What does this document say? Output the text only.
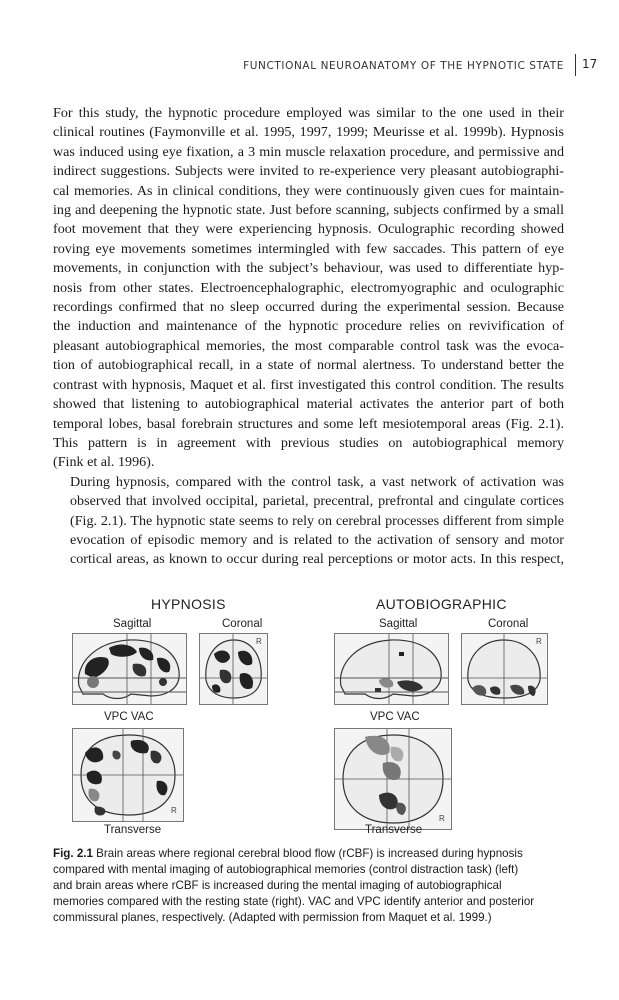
FUNCTIONAL NEUROANATOMY OF THE HYPNOTIC STATE 17

For this study, the hypnotic procedure employed was similar to the one used in their
clinical routines (Faymonville et al. 1995, 1997, 1999; Meurisse et al. 1999b). Hypnosis
was induced using eye fixation, a 3 min muscle relaxation procedure, and permissive and
indirect suggestions. Subjects were invited to re-experience very pleasant autobiographi-
cal memories. As in clinical conditions, they were continuously given cues for maintain-
ing and deepening the hypnotic state. Just before scanning, subjects confirmed by a small
foot movement that they were experiencing hypnosis. Oculographic recording showed
roving eye movements sometimes intermingled with few saccades. This pattern of eye
movements, in conjunction with the subject’s behaviour, was used to differentiate hyp-
nosis from other states. Electroencephalographic, electromyographic and oculographic
recordings confirmed that no sleep occurred during the experimental session. Because
the induction and maintenance of the hypnotic procedure relies on revivification of
pleasant autobiographical memories, the most comparable control task was the evoca-
tion of autobiographical recall, in a state of normal alertness. To understand better the
contrast with hypnosis, Maquet et al. first investigated this control condition. The results
showed that listening to autobiographical material activates the anterior part of both
temporal lobes, basal forebrain structures and some left mesiotemporal areas (Fig. 2.1).
This pattern is in agreement with previous studies on autobiographical memory
(Fink et al. 1996).

During hypnosis, compared with the control task, a vast network of activation was
observed that involved occipital, parietal, precentral, prefrontal and cingulate cortices
(Fig. 2.1). The hypnotic state seems to rely on cerebral processes different from simple
evocation of episodic memory and is related to the activation of sensory and motor
cortical areas, as known to occur during real perceptions or motor acts. In this respect,

HYPNOSIS	AUTOBIOGRAPHIC
Sagittal	Coronal	Sagittal	Coronal
R	R
VPC VAC	VPC VAC
R
R
Transverse	Transverse
Fig. 2.1 Brain areas where regional cerebral blood flow (rCBF) is increased during hypnosis
compared with mental imaging of autobiographical memories (control distraction task) (left)
and brain areas where rCBF is increased during the mental imaging of autobiographical
memories compared with the resting state (right). VAC and VPC identify anterior and posterior
commissural planes, respectively. (Adapted with permission from Maquet et al. 1999.)
